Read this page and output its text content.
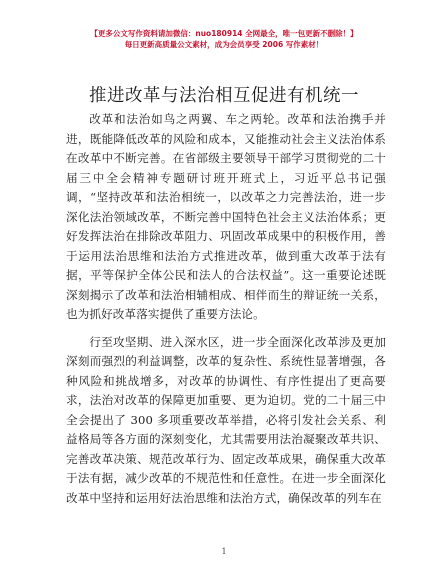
【更多公文写作资料请加微信：nuo180914 全网最全，唯一包更新不删除！】
每日更新高质量公文素材，成为会员享受 2006 写作素材！
推进改革与法治相互促进有机统一

改革和法治如鸟之两翼、车之两轮。改革和法治携手并进，既能降低改革的风险和成本，又能推动社会主义法治体系在改革中不断完善。在省部级主要领导干部学习贯彻党的二十届三中全会精神专题研讨班开班式上，习近平总书记强调，“坚持改革和法治相统一，以改革之力完善法治，进一步深化法治领域改革，不断完善中国特色社会主义法治体系；更好发挥法治在排除改革阻力、巩固改革成果中的积极作用，善于运用法治思维和法治方式推进改革，做到重大改革于法有据，平等保护全体公民和法人的合法权益”。这一重要论述既深刻揭示了改革和法治相辅相成、相伴而生的辩证统一关系，也为抓好改革落实提供了重要方法论。

行至攻坚期、进入深水区，进一步全面深化改革涉及更加深刻而强烈的利益调整，改革的复杂性、系统性显著增强，各种风险和挑战增多，对改革的协调性、有序性提出了更高要求，法治对改革的保障更加重要、更为迫切。党的二十届三中全会提出了 300 多项重要改革举措，必将引发社会关系、利益格局等各方面的深刻变化，尤其需要用法治凝聚改革共识、完善改革决策、规范改革行为、固定改革成果，确保重大改革于法有据，减少改革的不规范性和任意性。在进一步全面深化改革中坚持和运用好法治思维和法治方式，确保改革的列车在

1
